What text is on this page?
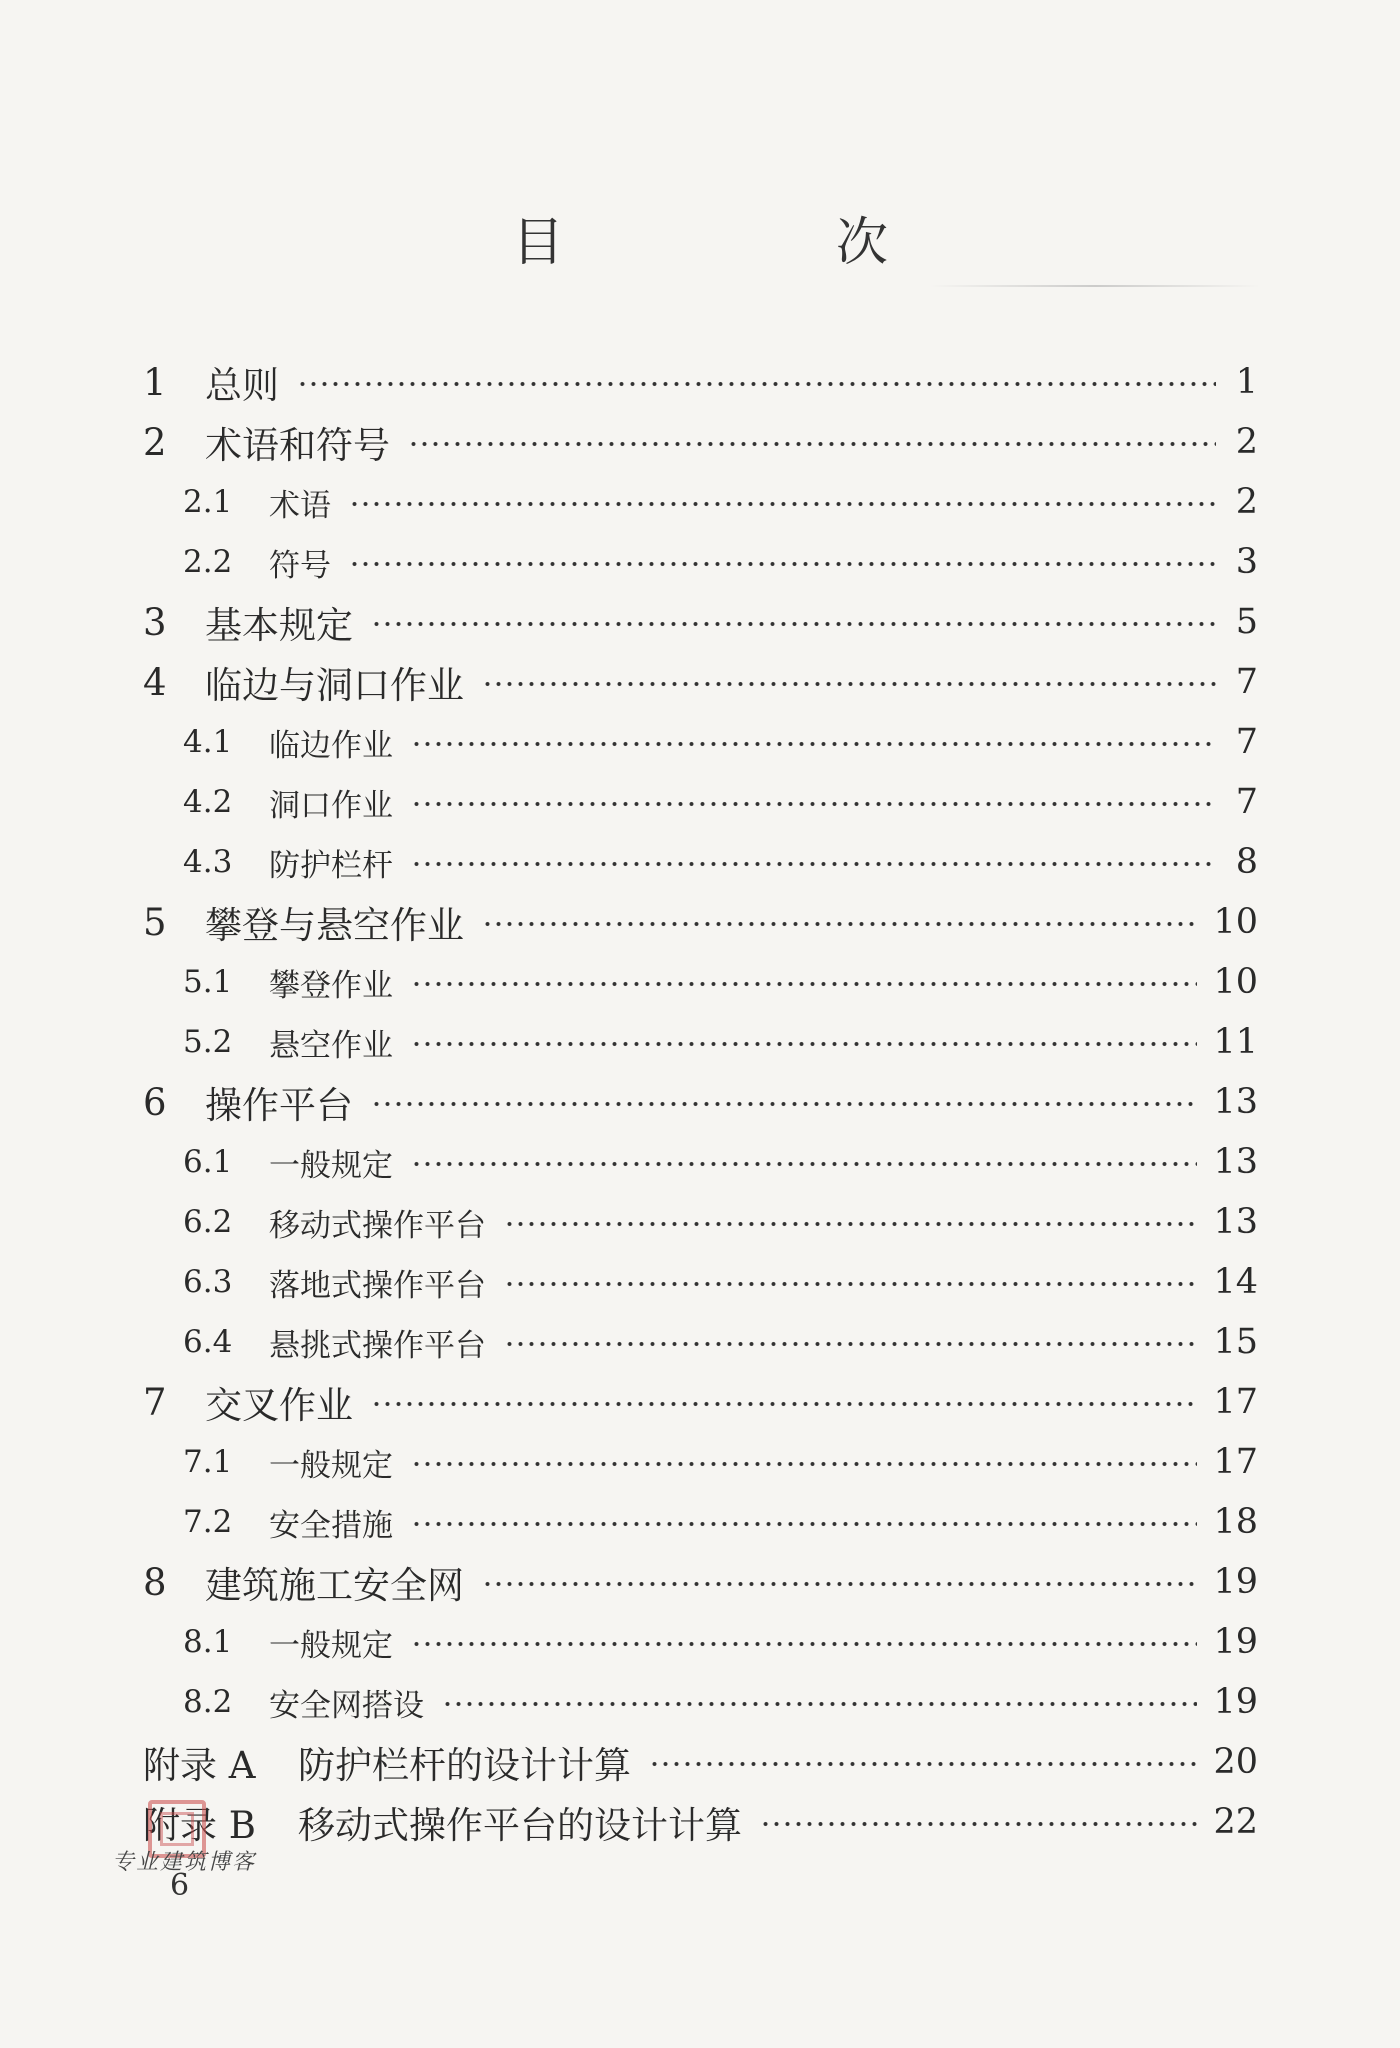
目　次
1	总则	1
2	术语和符号	2
2.1	术语	2
2.2	符号	3
3	基本规定	5
4	临边与洞口作业	7
4.1	临边作业	7
4.2	洞口作业	7
4.3	防护栏杆	8
5	攀登与悬空作业	10
5.1	攀登作业	10
5.2	悬空作业	11
6	操作平台	13
6.1	一般规定	13
6.2	移动式操作平台	13
6.3	落地式操作平台	14
6.4	悬挑式操作平台	15
7	交叉作业	17
7.1	一般规定	17
7.2	安全措施	18
8	建筑施工安全网	19
8.1	一般规定	19
8.2	安全网搭设	19
附录 A	防护栏杆的设计计算	20
附录 B	移动式操作平台的设计计算	22
专业建筑博客
6
